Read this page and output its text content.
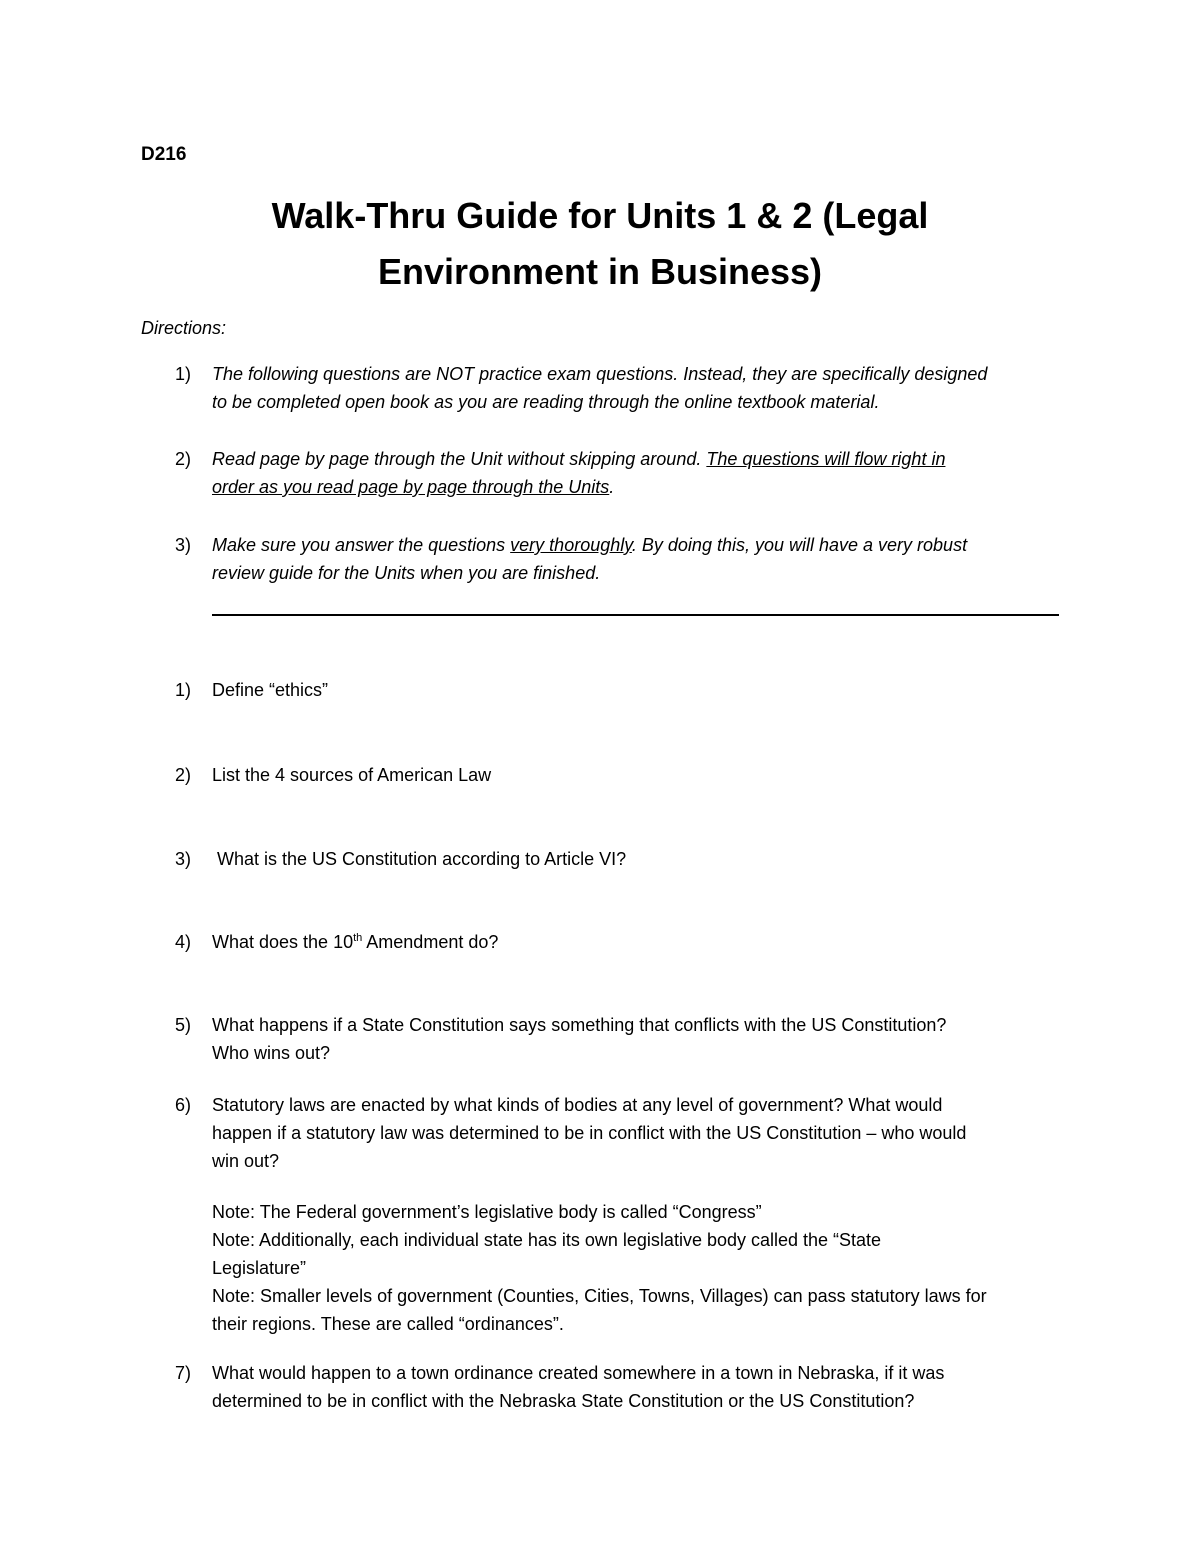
D216
Walk-Thru Guide for Units 1 & 2 (Legal
Environment in Business)
Directions:
1) The following questions are NOT practice exam questions. Instead, they are specifically designed
to be completed open book as you are reading through the online textbook material.
2) Read page by page through the Unit without skipping around. The questions will flow right in
order as you read page by page through the Units.
3) Make sure you answer the questions very thoroughly. By doing this, you will have a very robust
review guide for the Units when you are finished.
1) Define “ethics”
2) List the 4 sources of American Law
3) What is the US Constitution according to Article VI?
4) What does the 10th Amendment do?
5) What happens if a State Constitution says something that conflicts with the US Constitution?
Who wins out?
6) Statutory laws are enacted by what kinds of bodies at any level of government? What would
happen if a statutory law was determined to be in conflict with the US Constitution – who would
win out?
Note: The Federal government’s legislative body is called “Congress”
Note: Additionally, each individual state has its own legislative body called the “State
Legislature”
Note: Smaller levels of government (Counties, Cities, Towns, Villages) can pass statutory laws for
their regions. These are called “ordinances”.
7) What would happen to a town ordinance created somewhere in a town in Nebraska, if it was
determined to be in conflict with the Nebraska State Constitution or the US Constitution?
